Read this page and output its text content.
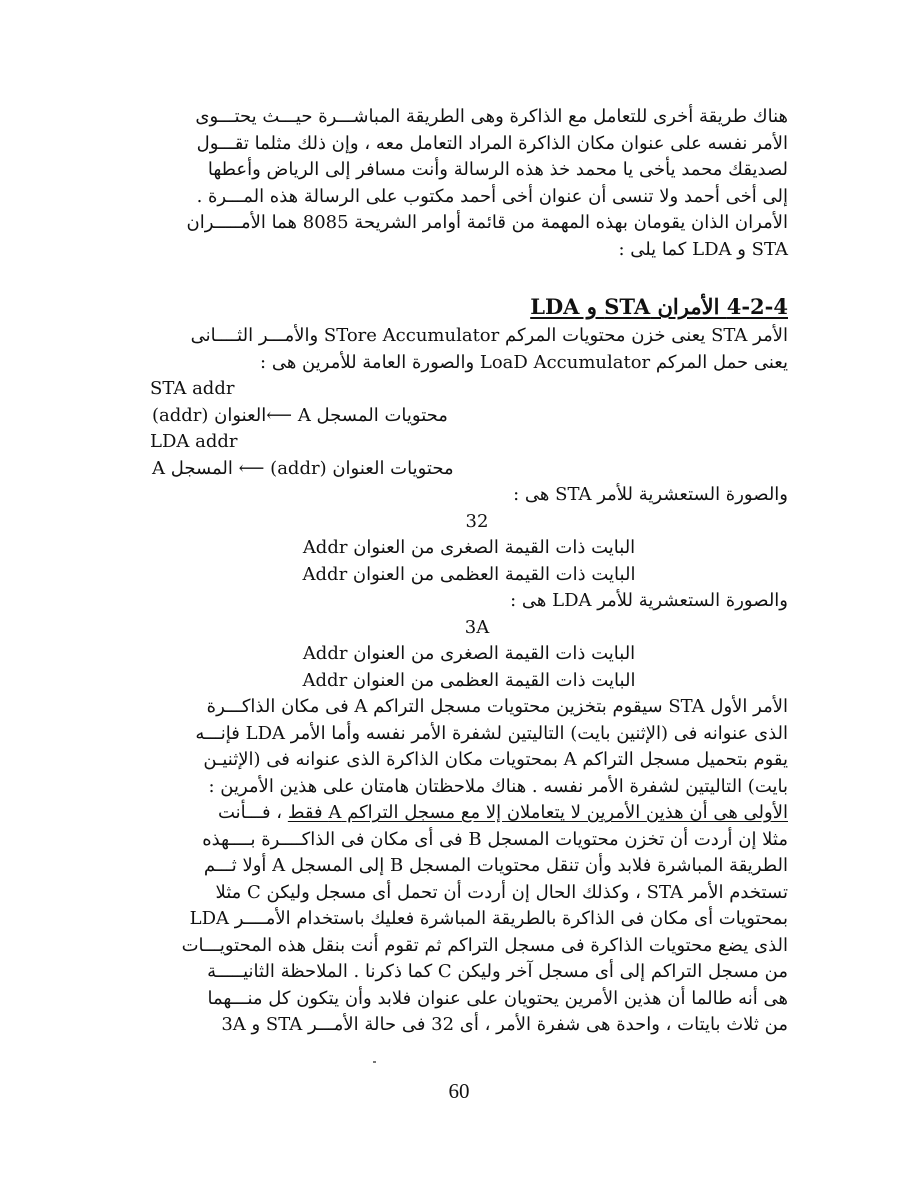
هناك طريقة أخرى للتعامل مع الذاكرة وهى الطريقة المباشـــرة حيـــث يحتـــوى

الأمر نفسه على عنوان مكان الذاكرة المراد التعامل معه ، وإن ذلك مثلما تقـــول

لصديقك محمد يأخى يا محمد خذ هذه الرسالة وأنت مسافر إلى الرياض وأعطها

إلى أخى أحمد ولا تنسى أن عنوان أخى أحمد مكتوب على الرسالة هذه المـــرة .

الأمران الذان يقومان بهذه المهمة من قائمة أوامر الشريحة 8085 هما الأمـــــران

STA و LDA كما يلى :

4-2-4 الأمران STA و LDA

الأمر STA يعنى خزن محتويات المركم STore Accumulator والأمـــر الثــــانى

يعنى حمل المركم LoaD Accumulator والصورة العامة للأمرين هى :

STA addr

محتويات المسجل A ⟵العنوان (addr)

LDA addr

محتويات العنوان (addr) ⟵ المسجل A

والصورة الستعشرية للأمر STA هى :

32

البايت ذات القيمة الصغرى من العنوان Addr

البايت ذات القيمة العظمى من العنوان Addr

والصورة الستعشرية للأمر LDA هى :

3A

البايت ذات القيمة الصغرى من العنوان Addr

البايت ذات القيمة العظمى من العنوان Addr

الأمر الأول STA سيقوم بتخزين محتويات مسجل التراكم A فى مكان الذاكـــرة

الذى عنوانه فى (الإثنين بايت) التاليتين لشفرة الأمر نفسه وأما الأمر LDA فإنـــه

يقوم بتحميل مسجل التراكم A بمحتويات مكان الذاكرة الذى عنوانه فى (الإثنيـن

بايت) التاليتين لشفرة الأمر نفسه . هناك ملاحظتان هامتان على هذين الأمرين :

الأولى هى أن هذين الأمرين لا يتعاملان إلا مع مسجل التراكم A فقط ، فـــأنت

مثلا إن أردت أن تخزن محتويات المسجل B فى أى مكان فى الذاكــــرة بــــهذه

الطريقة المباشرة فلابد وأن تنقل محتويات المسجل B إلى المسجل A أولا ثـــم

تستخدم الأمر STA ، وكذلك الحال إن أردت أن تحمل أى مسجل وليكن C مثلا

بمحتويات أى مكان فى الذاكرة بالطريقة المباشرة فعليك باستخدام الأمــــر LDA

الذى يضع محتويات الذاكرة فى مسجل التراكم ثم تقوم أنت بنقل هذه المحتويـــات

من مسجل التراكم إلى أى مسجل آخر وليكن C كما ذكرنا . الملاحظة الثانيـــــة

هى أنه طالما أن هذين الأمرين يحتويان على عنوان فلابد وأن يتكون كل منـــهما

من ثلاث بايتات ، واحدة هى شفرة الأمر ، أى 32 فى حالة الأمـــر STA و 3A

60
